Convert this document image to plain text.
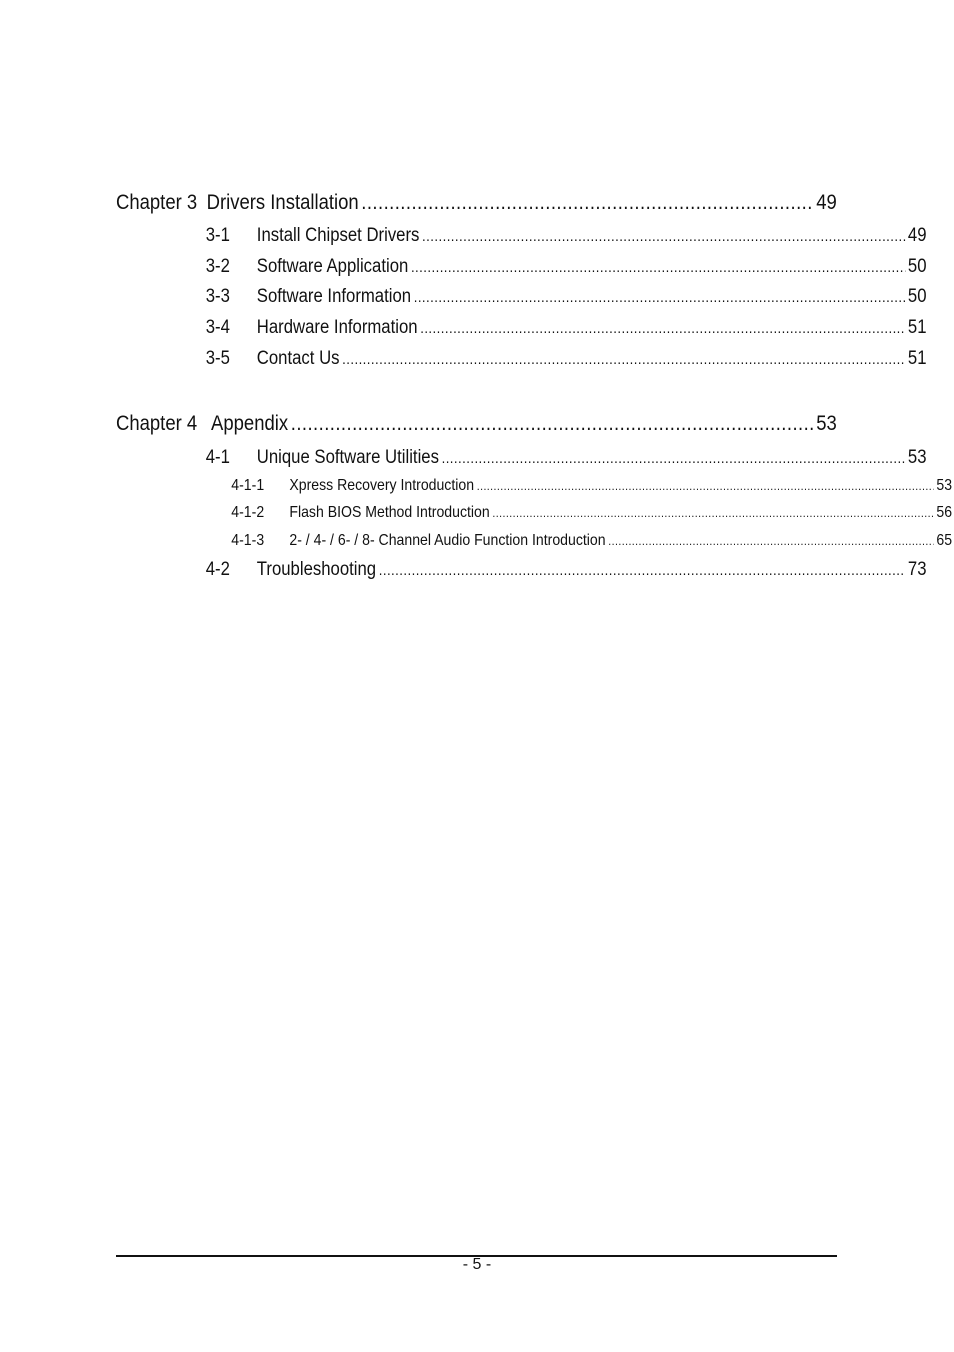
Chapter 3 Drivers Installation .....	49
3-1	Install Chipset Drivers .....	49
3-2	Software Application .....	50
3-3	Software Information .....	50
3-4	Hardware Information .....	51
3-5	Contact Us .....	51
Chapter 4 Appendix .....	53
4-1	Unique Software Utilities .....	53
4-1-1	Xpress Recovery Introduction .....	53
4-1-2	Flash BIOS Method Introduction .....	56
4-1-3	2- / 4- / 6- / 8- Channel Audio Function Introduction .....	65
4-2	Troubleshooting .....	73
- 5 -
